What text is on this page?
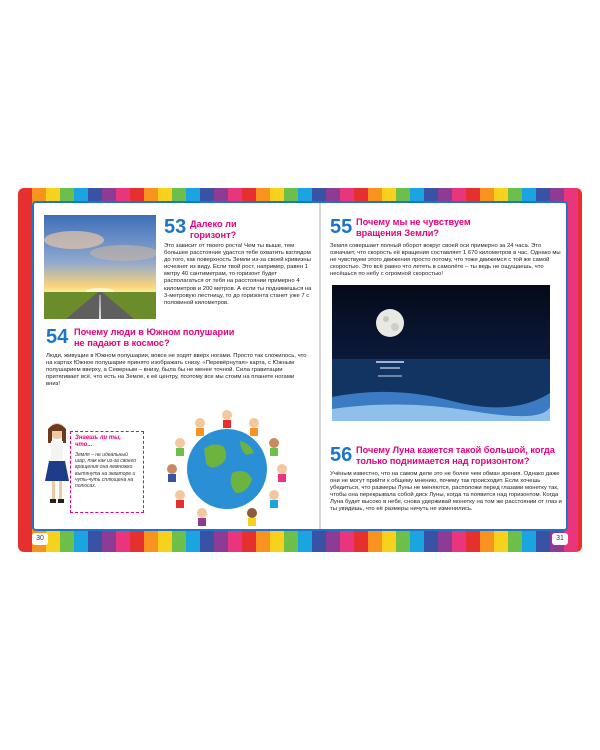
53 Далеко ли горизонт?

Это зависит от твоего роста! Чем ты выше, тем большее расстояние удастся тебе охватить взглядом до того, как поверхность Земли из-за своей кривизны исчезнет из виду. Если твой рост, например, равен 1 метру 40 сантиметрам, то горизонт будет располагаться от тебя на расстоянии примерно 4 километров и 200 метров. А если ты поднимешься на 3-метровую лестницу, то до горизонта станет уже 7 с половиной километров.

54 Почему люди в Южном полушарии не падают в космос?

Люди, живущие в Южном полушарии, вовсе не ходят вверх ногами. Просто так сложилось, что на картах Южное полушарие принято изображать снизу. «Перевёрнутая» карта, с Южным полушарием вверху, а Северным – внизу, была бы не менее точной. Сила гравитации притягивает всё, что есть на Земле, к её центру, поэтому все мы стоим на планете ногами вниз!

Знаешь ли ты, что...
Земля – не идеальный шар, так как из-за своего вращения она немножко вытянута на экваторе и чуть-чуть сплющена на полюсах.
55 Почему мы не чувствуем вращения Земли?

Земля совершает полный оборот вокруг своей оси примерно за 24 часа. Это означает, что скорость её вращения составляет 1 670 километров в час. Однако мы не чувствуем этого движения просто потому, что тоже движемся с той же самой скоростью. Это всё равно что лететь в самолёте – ты ведь не ощущаешь, что несёшься по небу с огромной скоростью!

56 Почему Луна кажется такой большой, когда только поднимается над горизонтом?

Учёным известно, что на самом деле это не более чем обман зрения. Однако даже они не могут прийти к общему мнению, почему так происходит. Если хочешь убедиться, что размеры Луны не меняются, расположи перед глазами монетку так, чтобы она перекрывала собой диск Луны, когда та появится над горизонтом. Когда Луна будет высоко в небе, снова удерживай монетку на том же расстоянии от глаз и ты увидишь, что её размеры ничуть не изменились.

30	31
